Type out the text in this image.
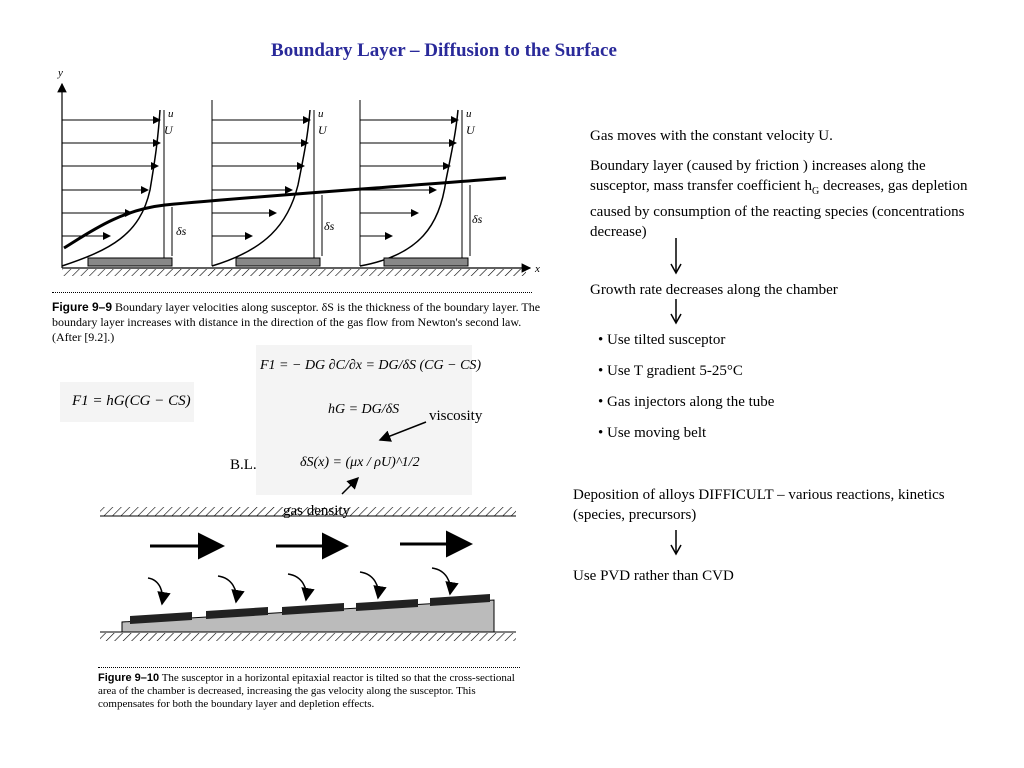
Boundary Layer – Diffusion to the Surface
y
x
u
U
δs
u
U
δs
u
U
δs
Figure 9–9 Boundary layer velocities along susceptor. δS is the thickness of the boundary layer. The boundary layer increases with distance in the direction of the gas flow from Newton's second law. (After [9.2].)
F1 = hG(CG − CS)
F1 = − DG ∂C/∂x = DG/δS (CG − CS)
hG = DG/δS
δS(x) = (μx / ρU)^1/2
viscosity
B.L.
Figure 9–10 The susceptor in a horizontal epitaxial reactor is tilted so that the cross-sectional area of the chamber is decreased, increasing the gas velocity along the susceptor. This compensates for both the boundary layer and depletion effects.
Gas moves with the constant velocity U.
Boundary layer (caused by friction ) increases along the susceptor, mass transfer coefficient $h_G$ decreases, gas depletion caused by consumption of the reacting species (concentrations decrease)
Growth rate decreases along the chamber
• Use tilted susceptor
• Use T gradient 5-25°C
• Gas injectors along the tube
• Use moving belt
Deposition of alloys DIFFICULT – various reactions, kinetics (species, precursors)
Use PVD rather than CVD
